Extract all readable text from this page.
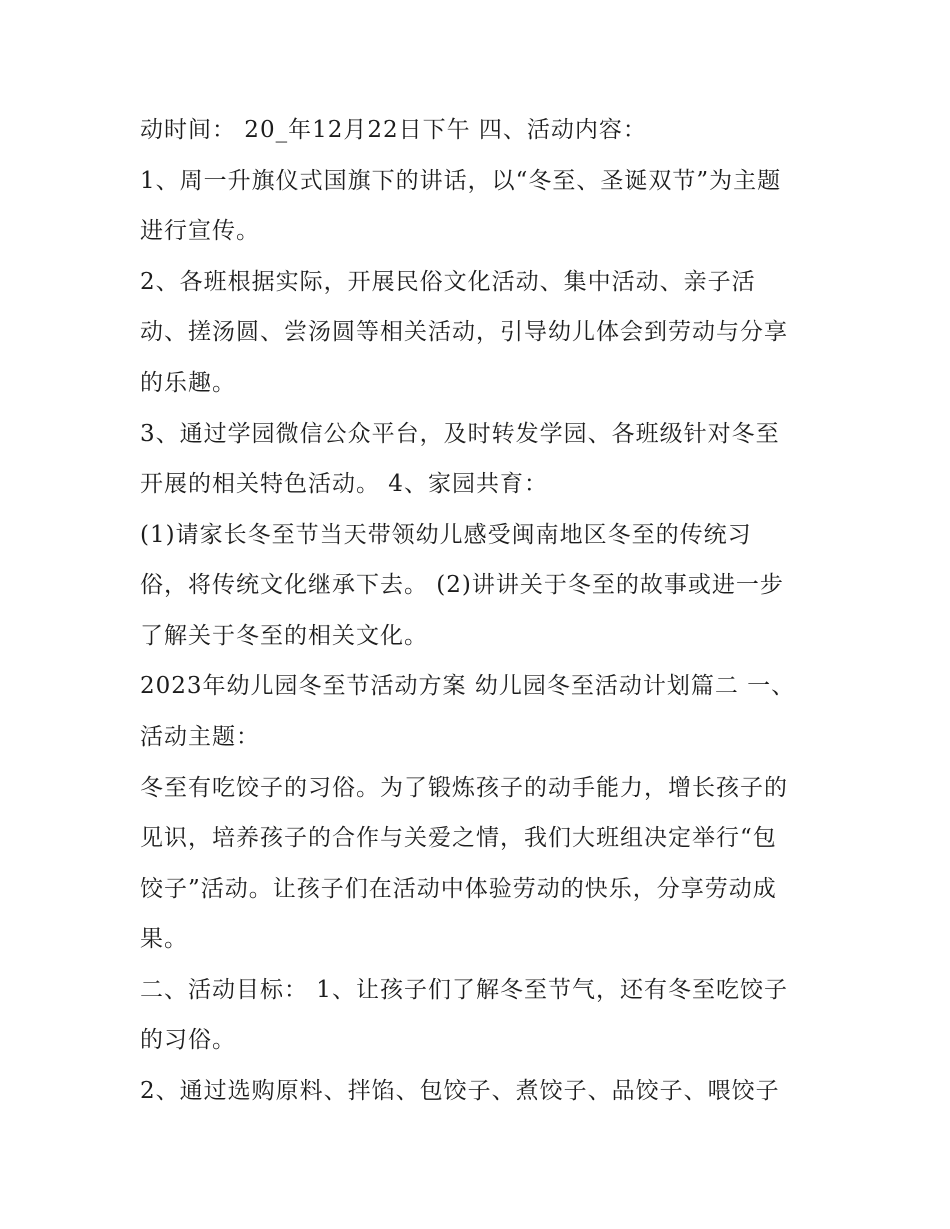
动时间： 20_年12月22日下午 四、活动内容：
1、周一升旗仪式国旗下的讲话，以“冬至、圣诞双节”为主题
进行宣传。
2、各班根据实际，开展民俗文化活动、集中活动、亲子活
动、搓汤圆、尝汤圆等相关活动，引导幼儿体会到劳动与分享
的乐趣。
3、通过学园微信公众平台，及时转发学园、各班级针对冬至
开展的相关特色活动。 4、家园共育：
(1)请家长冬至节当天带领幼儿感受闽南地区冬至的传统习
俗，将传统文化继承下去。 (2)讲讲关于冬至的故事或进一步
了解关于冬至的相关文化。
2023年幼儿园冬至节活动方案 幼儿园冬至活动计划篇二 一、
活动主题：
冬至有吃饺子的习俗。为了锻炼孩子的动手能力，增长孩子的
见识，培养孩子的合作与关爱之情，我们大班组决定举行“包
饺子”活动。让孩子们在活动中体验劳动的快乐，分享劳动成
果。
二、活动目标： 1、让孩子们了解冬至节气，还有冬至吃饺子
的习俗。
2、通过选购原料、拌馅、包饺子、煮饺子、品饺子、喂饺子
